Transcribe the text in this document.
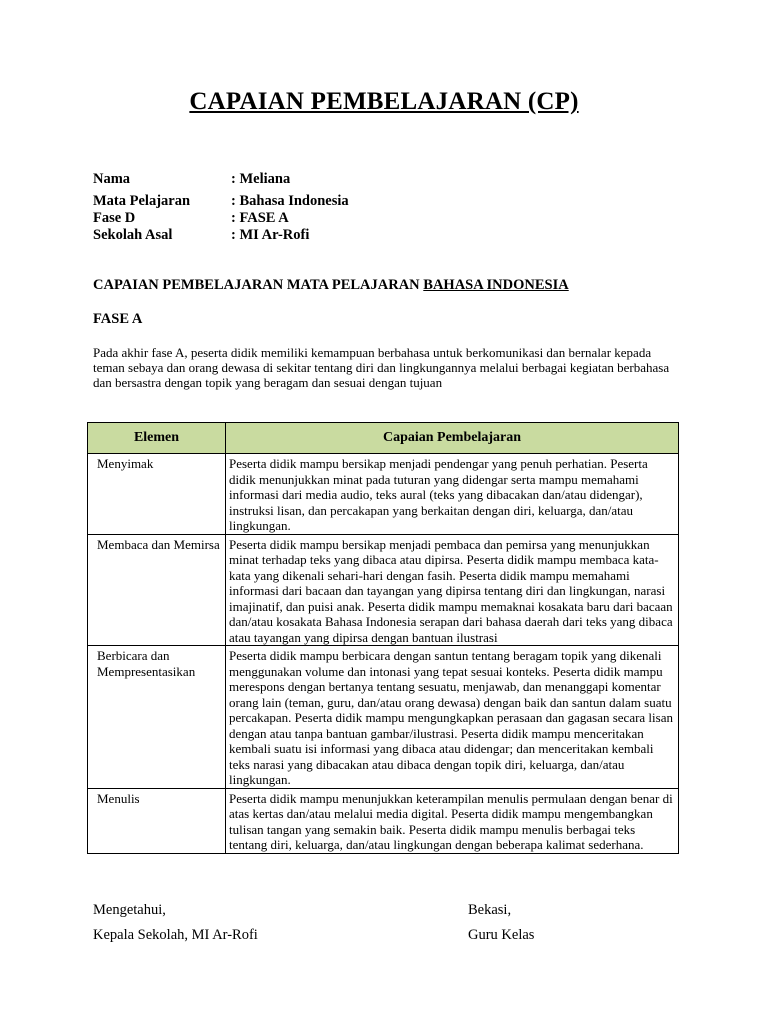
CAPAIAN PEMBELAJARAN (CP)
Nama	: Meliana
Mata Pelajaran	: Bahasa Indonesia
Fase D	: FASE A
Sekolah Asal	: MI Ar-Rofi
CAPAIAN PEMBELAJARAN MATA PELAJARAN BAHASA INDONESIA
FASE A
Pada akhir fase A, peserta didik memiliki kemampuan berbahasa untuk berkomunikasi dan bernalar kepada teman sebaya dan orang dewasa di sekitar tentang diri dan lingkungannya melalui berbagai kegiatan berbahasa dan bersastra dengan topik yang beragam dan sesuai dengan tujuan
Elemen	Capaian Pembelajaran
Menyimak	Peserta didik mampu bersikap menjadi pendengar yang penuh perhatian. Peserta didik menunjukkan minat pada tuturan yang didengar serta mampu memahami informasi dari media audio, teks aural (teks yang dibacakan dan/atau didengar), instruksi lisan, dan percakapan yang berkaitan dengan diri, keluarga, dan/atau lingkungan.
Membaca dan Memirsa	Peserta didik mampu bersikap menjadi pembaca dan pemirsa yang menunjukkan minat terhadap teks yang dibaca atau dipirsa. Peserta didik mampu membaca kata-kata yang dikenali sehari-hari dengan fasih. Peserta didik mampu memahami informasi dari bacaan dan tayangan yang dipirsa tentang diri dan lingkungan, narasi imajinatif, dan puisi anak. Peserta didik mampu memaknai kosakata baru dari bacaan dan/atau kosakata Bahasa Indonesia serapan dari bahasa daerah dari teks yang dibaca atau tayangan yang dipirsa dengan bantuan ilustrasi
Berbicara dan Mempresentasikan	Peserta didik mampu berbicara dengan santun tentang beragam topik yang dikenali menggunakan volume dan intonasi yang tepat sesuai konteks. Peserta didik mampu merespons dengan bertanya tentang sesuatu, menjawab, dan menanggapi komentar orang lain (teman, guru, dan/atau orang dewasa) dengan baik dan santun dalam suatu percakapan. Peserta didik mampu mengungkapkan perasaan dan gagasan secara lisan dengan atau tanpa bantuan gambar/ilustrasi. Peserta didik mampu menceritakan kembali suatu isi informasi yang dibaca atau didengar; dan menceritakan kembali teks narasi yang dibacakan atau dibaca dengan topik diri, keluarga, dan/atau lingkungan.
Menulis	Peserta didik mampu menunjukkan keterampilan menulis permulaan dengan benar di atas kertas dan/atau melalui media digital. Peserta didik mampu mengembangkan tulisan tangan yang semakin baik. Peserta didik mampu menulis berbagai teks tentang diri, keluarga, dan/atau lingkungan dengan beberapa kalimat sederhana.
Mengetahui,
Kepala Sekolah, MI Ar-Rofi
Bekasi,
Guru Kelas
